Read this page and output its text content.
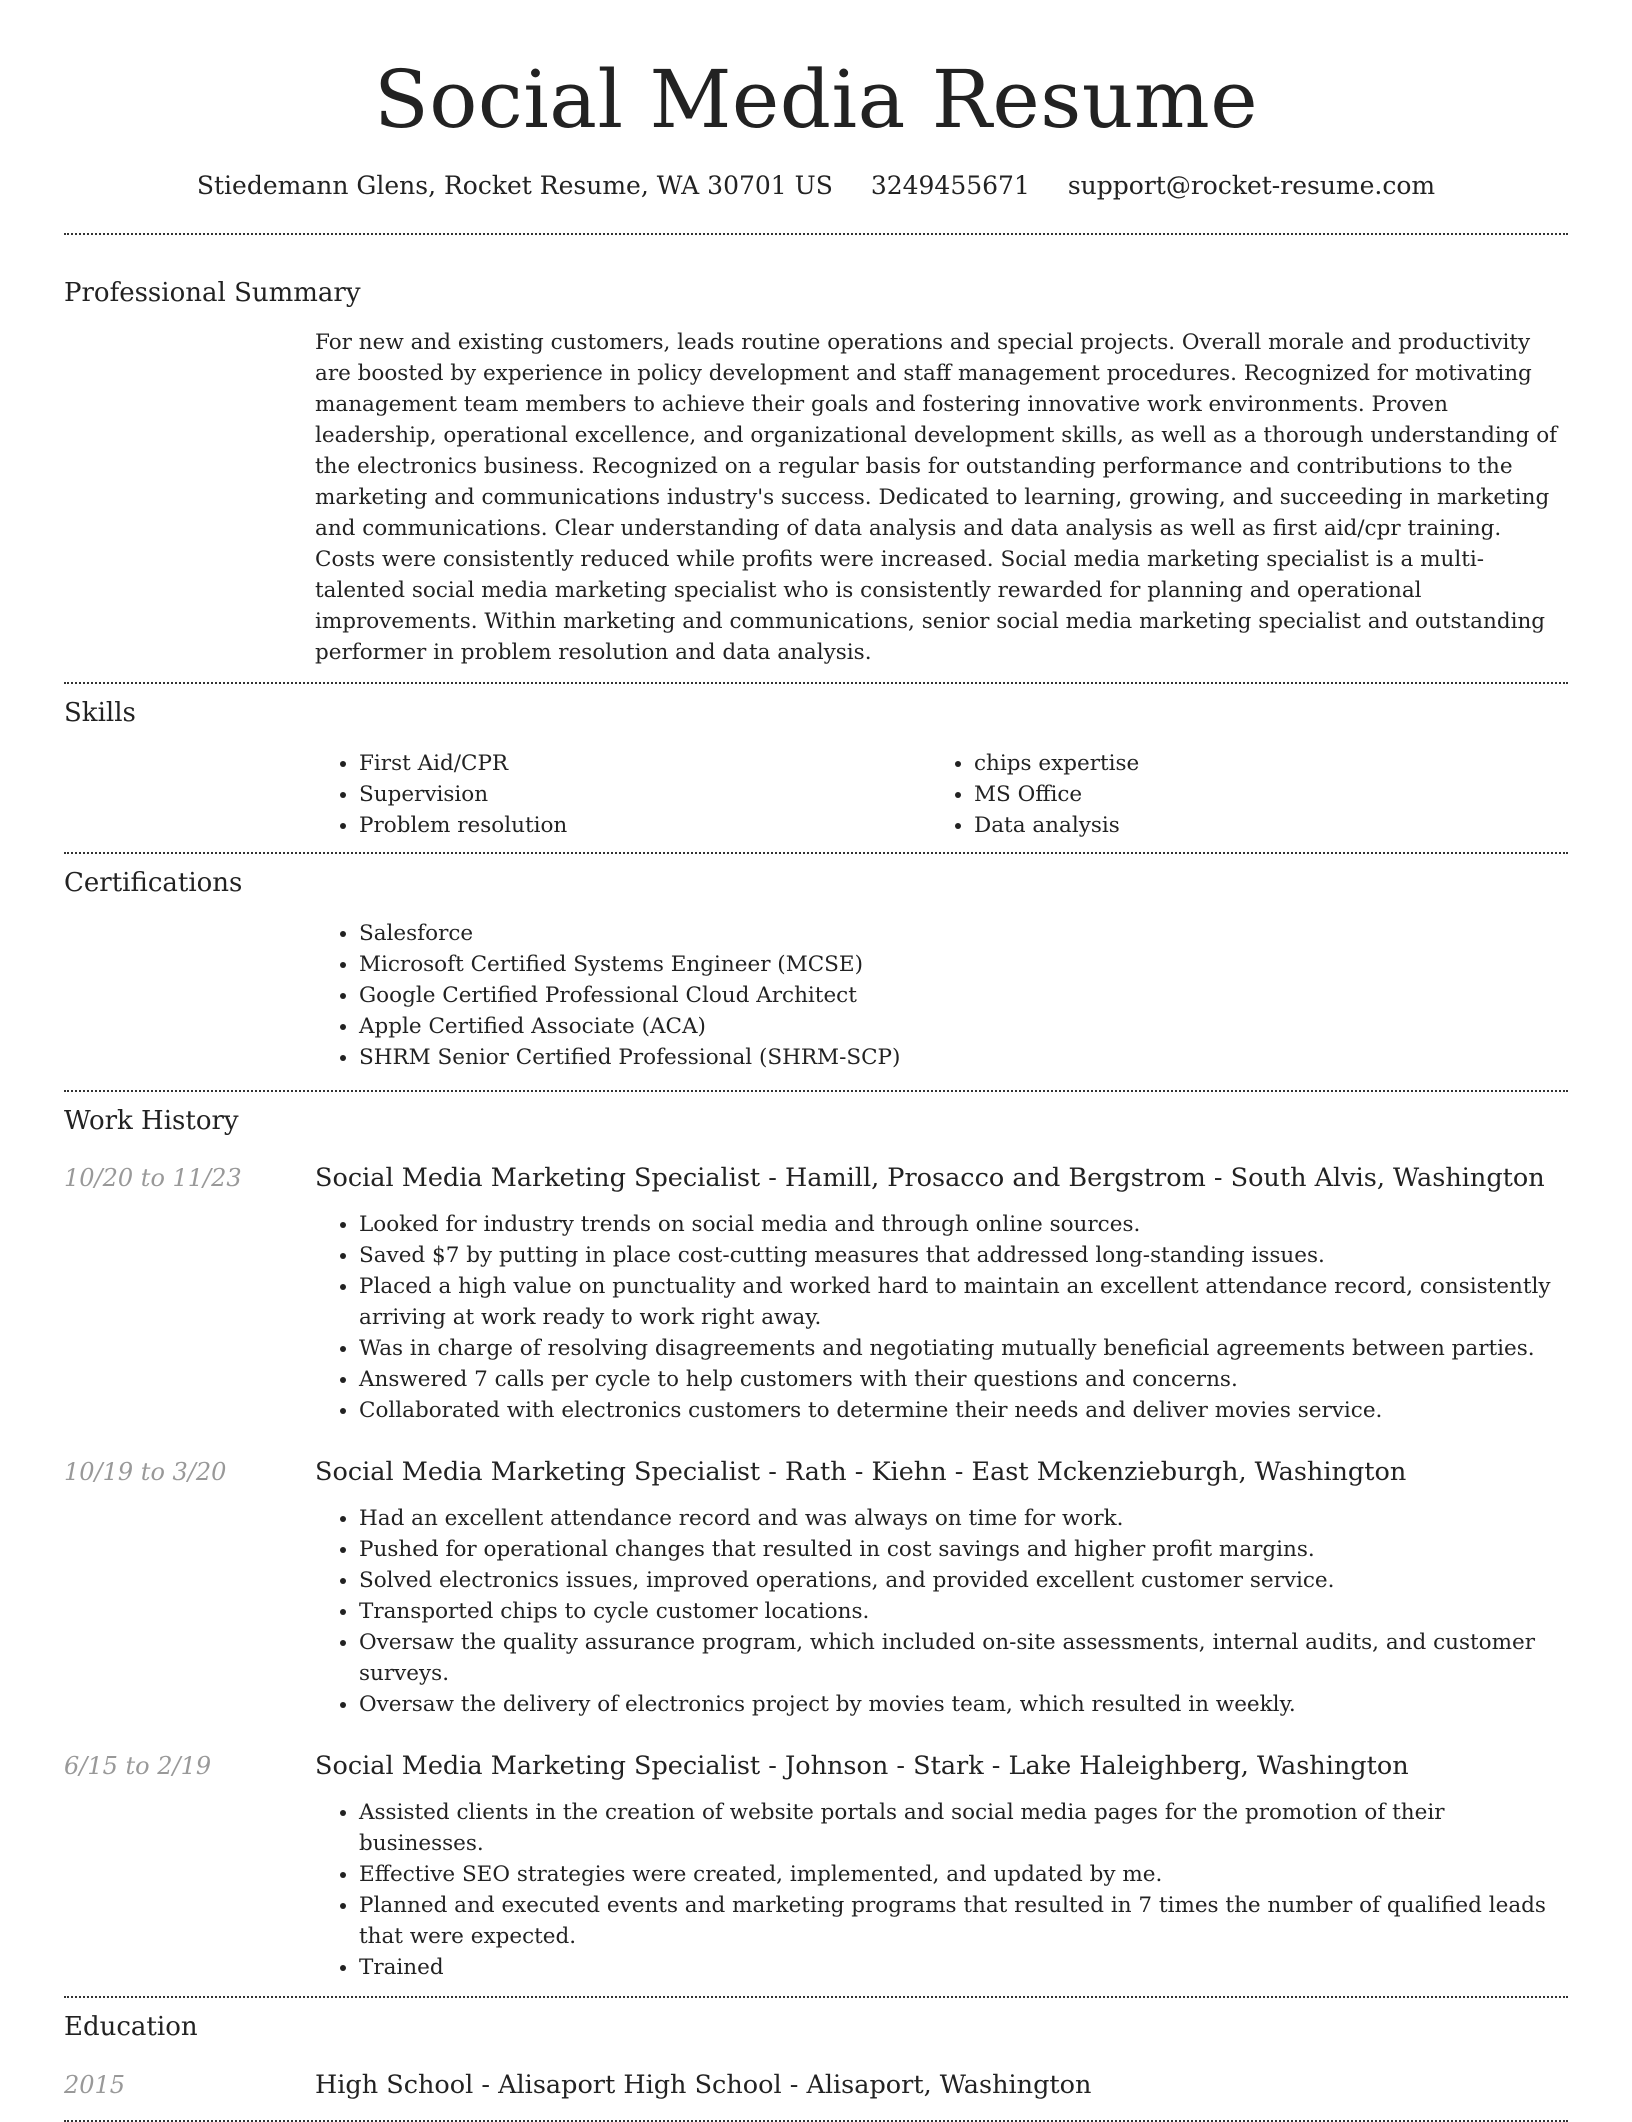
Social Media Resume
Stiedemann Glens, Rocket Resume, WA 30701 US 3249455671 support@rocket-resume.com
Professional Summary

For new and existing customers, leads routine operations and special projects. Overall morale and productivity are boosted by experience in policy development and staff management procedures. Recognized for motivating management team members to achieve their goals and fostering innovative work environments. Proven leadership, operational excellence, and organizational development skills, as well as a thorough understanding of the electronics business. Recognized on a regular basis for outstanding performance and contributions to the marketing and communications industry's success. Dedicated to learning, growing, and succeeding in marketing and communications. Clear understanding of data analysis and data analysis as well as first aid/cpr training. Costs were consistently reduced while profits were increased. Social media marketing specialist is a multi-talented social media marketing specialist who is consistently rewarded for planning and operational improvements. Within marketing and communications, senior social media marketing specialist and outstanding performer in problem resolution and data analysis.

Skills
• First Aid/CPR
• Supervision
• Problem resolution
• chips expertise
• MS Office
• Data analysis
Certifications
• Salesforce
• Microsoft Certified Systems Engineer (MCSE)
• Google Certified Professional Cloud Architect
• Apple Certified Associate (ACA)
• SHRM Senior Certified Professional (SHRM-SCP)
Work History
10/20 to 11/23	Social Media Marketing Specialist - Hamill, Prosacco and Bergstrom - South Alvis, Washington
• Looked for industry trends on social media and through online sources.
• Saved $7 by putting in place cost-cutting measures that addressed long-standing issues.
• Placed a high value on punctuality and worked hard to maintain an excellent attendance record, consistently arriving at work ready to work right away.
• Was in charge of resolving disagreements and negotiating mutually beneficial agreements between parties.
• Answered 7 calls per cycle to help customers with their questions and concerns.
• Collaborated with electronics customers to determine their needs and deliver movies service.
10/19 to 3/20	Social Media Marketing Specialist - Rath - Kiehn - East Mckenzieburgh, Washington
• Had an excellent attendance record and was always on time for work.
• Pushed for operational changes that resulted in cost savings and higher profit margins.
• Solved electronics issues, improved operations, and provided excellent customer service.
• Transported chips to cycle customer locations.
• Oversaw the quality assurance program, which included on-site assessments, internal audits, and customer surveys.
• Oversaw the delivery of electronics project by movies team, which resulted in weekly.
6/15 to 2/19	Social Media Marketing Specialist - Johnson - Stark - Lake Haleighberg, Washington
• Assisted clients in the creation of website portals and social media pages for the promotion of their businesses.
• Effective SEO strategies were created, implemented, and updated by me.
• Planned and executed events and marketing programs that resulted in 7 times the number of qualified leads that were expected.
• Trained
Education
2015	High School - Alisaport High School - Alisaport, Washington
